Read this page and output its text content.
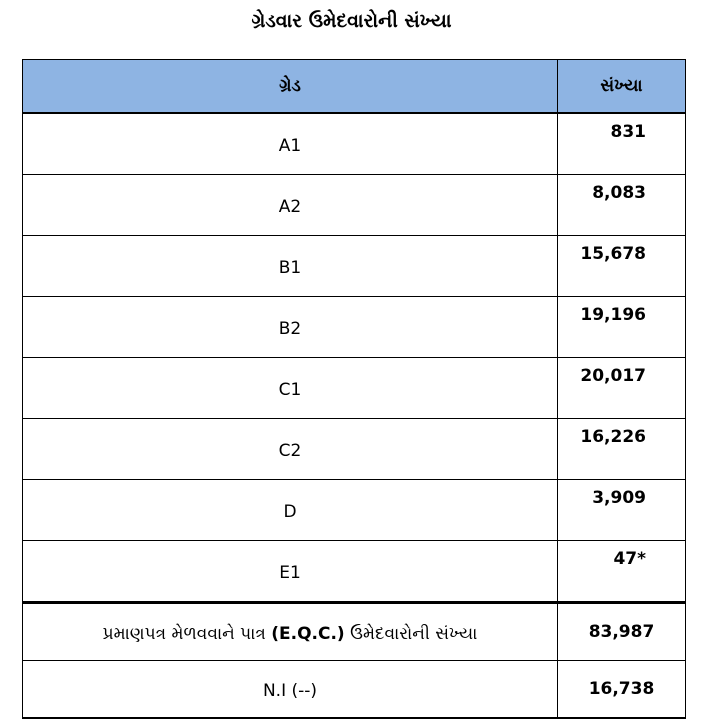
ગ્રેડવાર ઉમેદવારોની સંખ્યા
ગ્રેડ	સંખ્યા
A1	831
A2	8,083
B1	15,678
B2	19,196
C1	20,017
C2	16,226
D	3,909
E1	47*
પ્રમાણપત્ર મેળવવાને પાત્ર (E.Q.C.) ઉમેદવારોની સંખ્યા	83,987
N.I (--)	16,738
